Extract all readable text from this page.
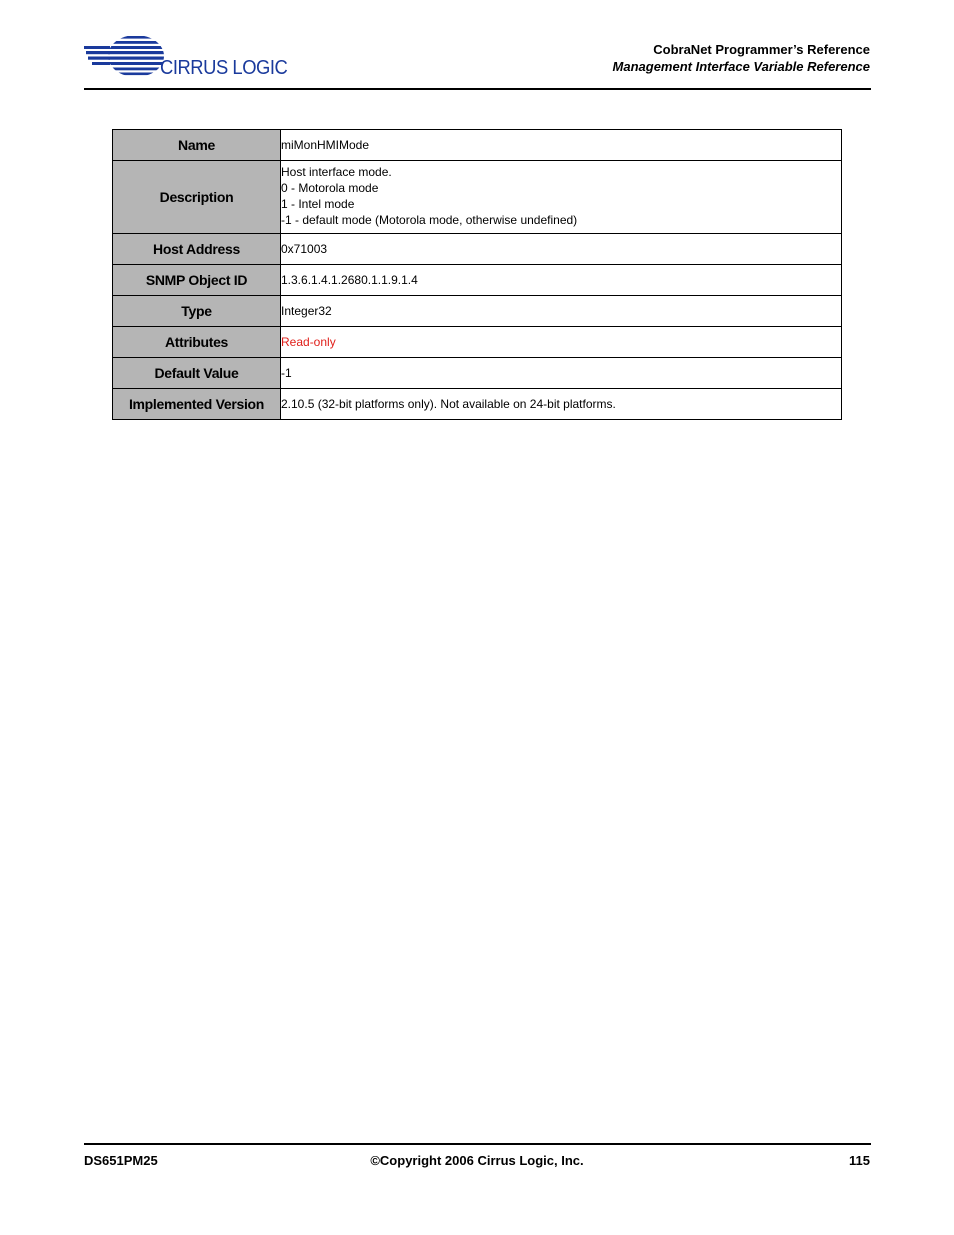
CIRRUS LOGIC
CobraNet Programmer’s Reference
Management Interface Variable Reference
Name	miMonHMIMode

Description	Host interface mode.
0 - Motorola mode
1 - Intel mode
-1 - default mode (Motorola mode, otherwise undefined)

Host Address	0x71003

SNMP Object ID	1.3.6.1.4.1.2680.1.1.9.1.4

Type	Integer32

Attributes	Read-only

Default Value	-1

Implemented Version	2.10.5 (32-bit platforms only). Not available on 24-bit platforms.
DS651PM25	©Copyright 2006 Cirrus Logic, Inc.	115
